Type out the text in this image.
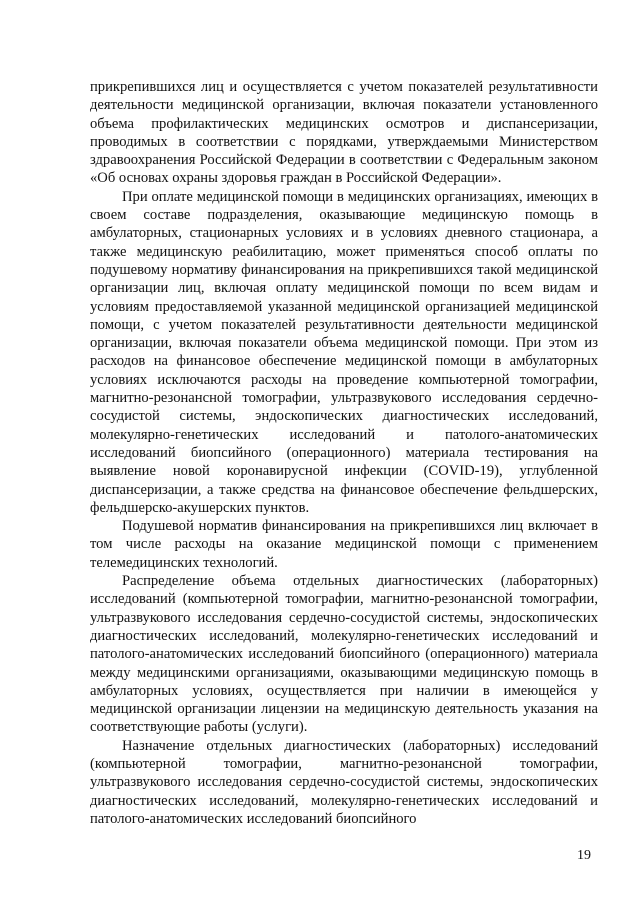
прикрепившихся лиц и осуществляется с учетом показателей результативности деятельности медицинской организации, включая показатели установленного объема профилактических медицинских осмотров и диспансеризации, проводимых в соответствии с порядками, утверждаемыми Министерством здравоохранения Российской Федерации в соответствии с Федеральным законом «Об основах охраны здоровья граждан в Российской Федерации».

При оплате медицинской помощи в медицинских организациях, имеющих в своем составе подразделения, оказывающие медицинскую помощь в амбулаторных, стационарных условиях и в условиях дневного стационара, а также медицинскую реабилитацию, может применяться способ оплаты по подушевому нормативу финансирования на прикрепившихся такой медицинской организации лиц, включая оплату медицинской помощи по всем видам и условиям предоставляемой указанной медицинской организацией медицинской помощи, с учетом показателей результативности деятельности медицинской организации, включая показатели объема медицинской помощи. При этом из расходов на финансовое обеспечение медицинской помощи в амбулаторных условиях исключаются расходы на проведение компьютерной томографии, магнитно-резонансной томографии, ультразвукового исследования сердечно-сосудистой системы, эндоскопических диагностических исследований, молекулярно-генетических исследований и патолого-анатомических исследований биопсийного (операционного) материала тестирования на выявление новой коронавирусной инфекции (COVID-19), углубленной диспансеризации, а также средства на финансовое обеспечение фельдшерских, фельдшерско-акушерских пунктов.

Подушевой норматив финансирования на прикрепившихся лиц включает в том числе расходы на оказание медицинской помощи с применением телемедицинских технологий.

Распределение объема отдельных диагностических (лабораторных) исследований (компьютерной томографии, магнитно-резонансной томографии, ультразвукового исследования сердечно-сосудистой системы, эндоскопических диагностических исследований, молекулярно-генетических исследований и патолого-анатомических исследований биопсийного (операционного) материала между медицинскими организациями, оказывающими медицинскую помощь в амбулаторных условиях, осуществляется при наличии в имеющейся у медицинской организации лицензии на медицинскую деятельность указания на соответствующие работы (услуги).

Назначение отдельных диагностических (лабораторных) исследований (компьютерной томографии, магнитно-резонансной томографии, ультразвукового исследования сердечно-сосудистой системы, эндоскопических диагностических исследований, молекулярно-генетических исследований и патолого-анатомических исследований биопсийного

19
